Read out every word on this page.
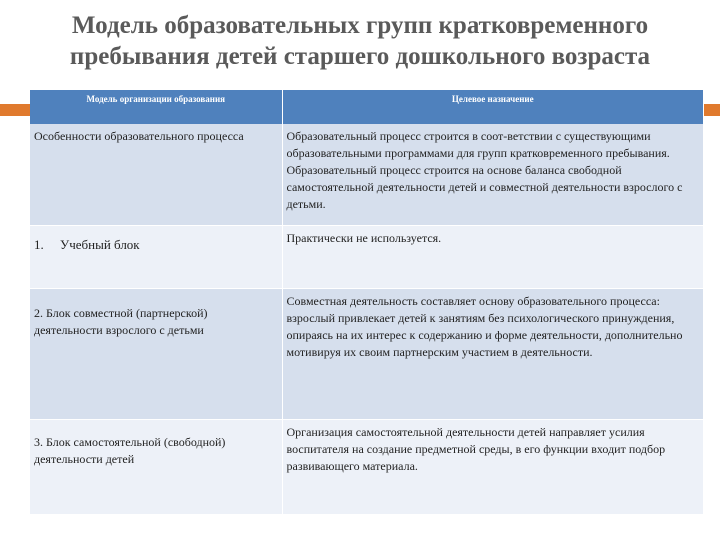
Модель образовательных групп кратковременного
пребывания детей старшего дошкольного возраста
Модель организации образования	Целевое назначение
Особенности образовательного процесса	Образовательный процесс строится в соот-ветствии с существующими образовательными программами для групп кратковременного пребывания. Образовательный процесс строится на основе баланса свободной самостоятельной деятельности детей и совместной деятельности взрослого с детьми.
1. Учебный блок	Практически не используется.
2. Блок совместной (партнерской) деятельности взрослого с детьми	Совместная деятельность составляет основу образовательного процесса: взрослый привлекает детей к занятиям без психологического принуждения, опираясь на их интерес к содержанию и форме деятельности, дополнительно мотивируя их своим партнерским участием в деятельности.
3. Блок самостоятельной (свободной) деятельности детей	Организация самостоятельной деятельности детей направляет усилия воспитателя на создание предметной среды, в его функции входит подбор развивающего материала.
